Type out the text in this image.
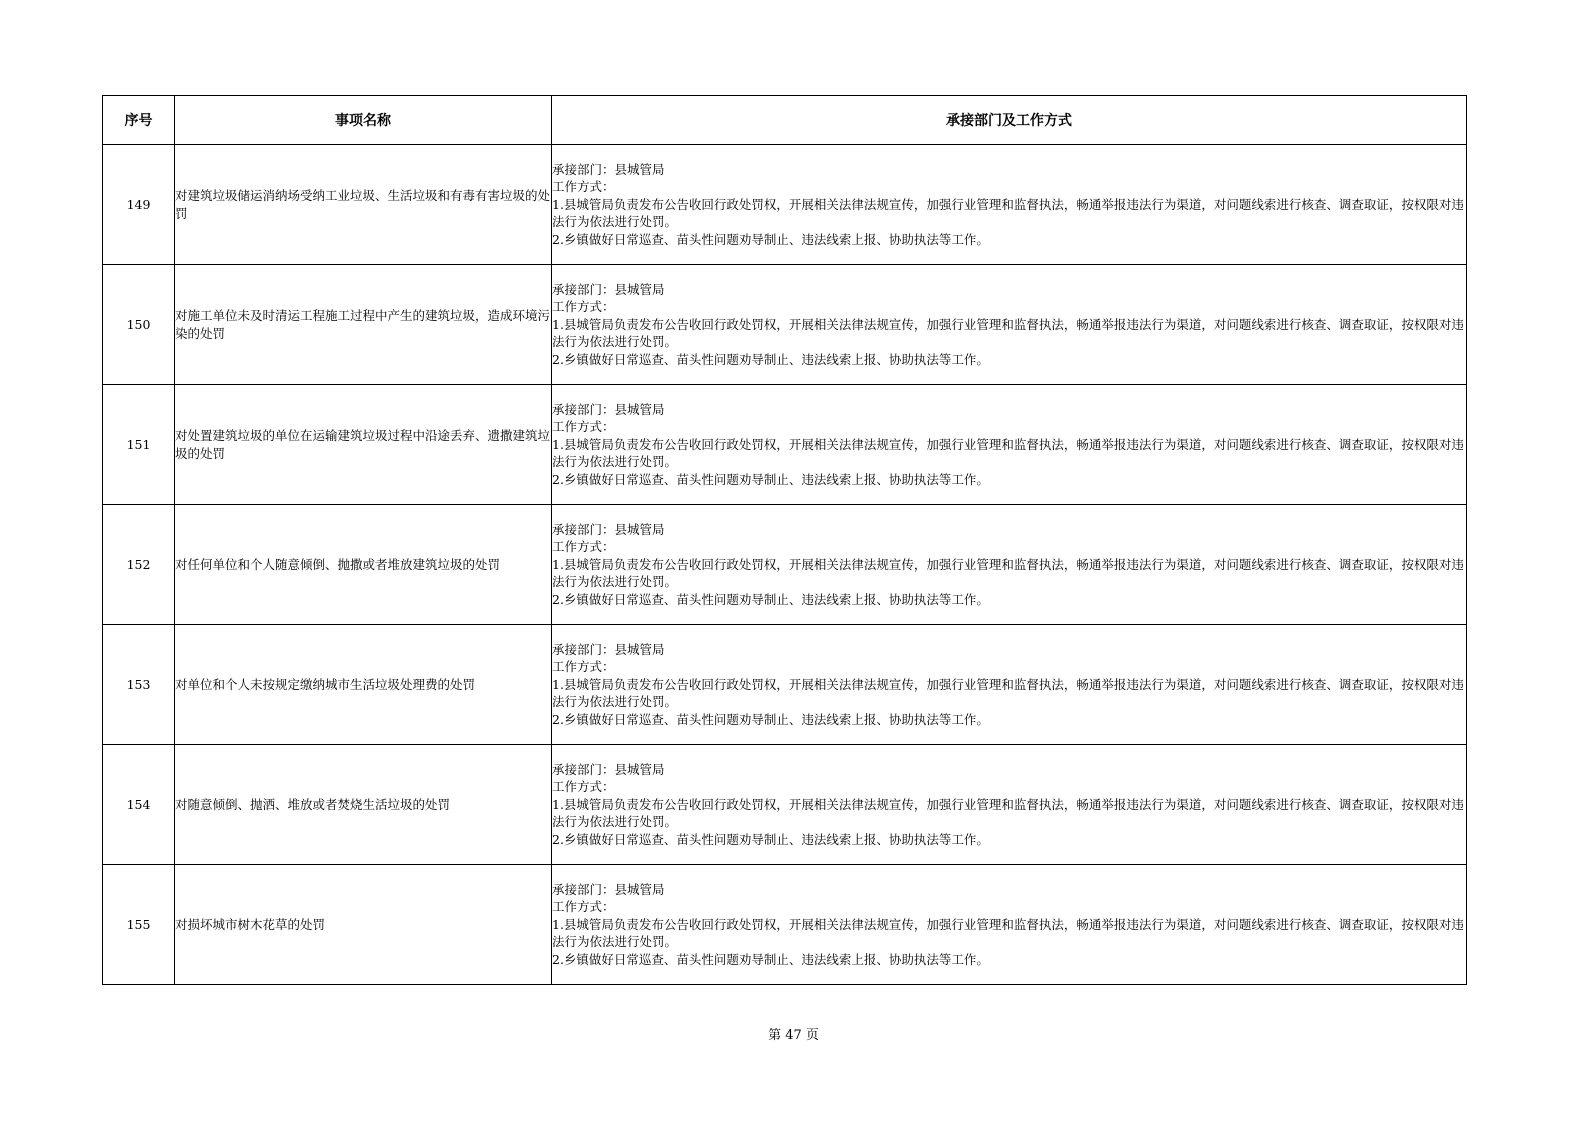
序号	事项名称	承接部门及工作方式
149	对建筑垃圾储运消纳场受纳工业垃圾、生活垃圾和有毒有害垃圾的处罚	承接部门：县城管局
工作方式：
1.县城管局负责发布公告收回行政处罚权，开展相关法律法规宣传，加强行业管理和监督执法，畅通举报违法行为渠道，对问题线索进行核查、调查取证，按权限对违法行为依法进行处罚。
2.乡镇做好日常巡查、苗头性问题劝导制止、违法线索上报、协助执法等工作。

150	对施工单位未及时清运工程施工过程中产生的建筑垃圾，造成环境污染的处罚	承接部门：县城管局
工作方式：
1.县城管局负责发布公告收回行政处罚权，开展相关法律法规宣传，加强行业管理和监督执法，畅通举报违法行为渠道，对问题线索进行核查、调查取证，按权限对违法行为依法进行处罚。
2.乡镇做好日常巡查、苗头性问题劝导制止、违法线索上报、协助执法等工作。

151	对处置建筑垃圾的单位在运输建筑垃圾过程中沿途丢弃、遗撒建筑垃圾的处罚	承接部门：县城管局
工作方式：
1.县城管局负责发布公告收回行政处罚权，开展相关法律法规宣传，加强行业管理和监督执法，畅通举报违法行为渠道，对问题线索进行核查、调查取证，按权限对违法行为依法进行处罚。
2.乡镇做好日常巡查、苗头性问题劝导制止、违法线索上报、协助执法等工作。

152	对任何单位和个人随意倾倒、抛撒或者堆放建筑垃圾的处罚	承接部门：县城管局
工作方式：
1.县城管局负责发布公告收回行政处罚权，开展相关法律法规宣传，加强行业管理和监督执法，畅通举报违法行为渠道，对问题线索进行核查、调查取证，按权限对违法行为依法进行处罚。
2.乡镇做好日常巡查、苗头性问题劝导制止、违法线索上报、协助执法等工作。

153	对单位和个人未按规定缴纳城市生活垃圾处理费的处罚	承接部门：县城管局
工作方式：
1.县城管局负责发布公告收回行政处罚权，开展相关法律法规宣传，加强行业管理和监督执法，畅通举报违法行为渠道，对问题线索进行核查、调查取证，按权限对违法行为依法进行处罚。
2.乡镇做好日常巡查、苗头性问题劝导制止、违法线索上报、协助执法等工作。

154	对随意倾倒、抛洒、堆放或者焚烧生活垃圾的处罚	承接部门：县城管局
工作方式：
1.县城管局负责发布公告收回行政处罚权，开展相关法律法规宣传，加强行业管理和监督执法，畅通举报违法行为渠道，对问题线索进行核查、调查取证，按权限对违法行为依法进行处罚。
2.乡镇做好日常巡查、苗头性问题劝导制止、违法线索上报、协助执法等工作。

155	对损坏城市树木花草的处罚	承接部门：县城管局
工作方式：
1.县城管局负责发布公告收回行政处罚权，开展相关法律法规宣传，加强行业管理和监督执法，畅通举报违法行为渠道，对问题线索进行核查、调查取证，按权限对违法行为依法进行处罚。
2.乡镇做好日常巡查、苗头性问题劝导制止、违法线索上报、协助执法等工作。
第 47 页
